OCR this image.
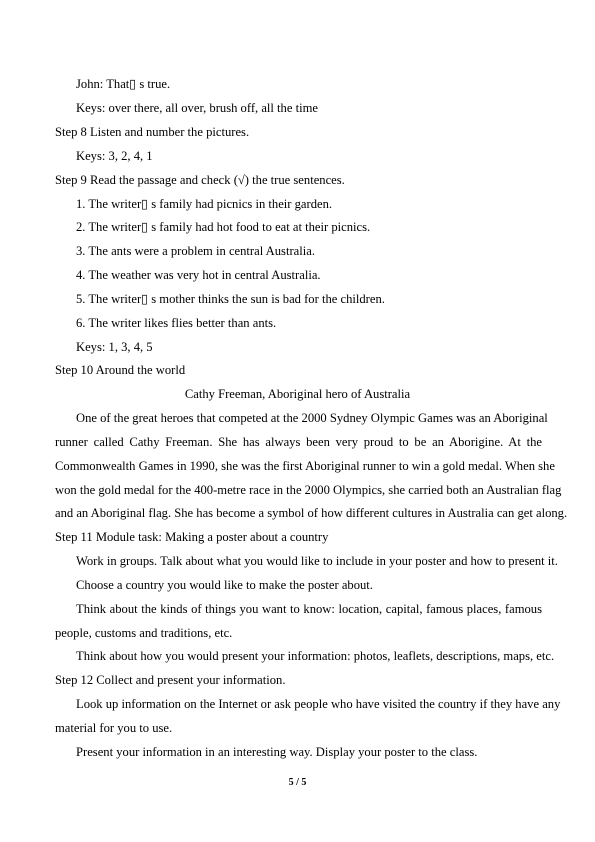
John: That▯ s true.
Keys: over there, all over, brush off, all the time
Step 8 Listen and number the pictures.
Keys: 3, 2, 4, 1
Step 9 Read the passage and check (√) the true sentences.
1. The writer▯ s family had picnics in their garden.
2. The writer▯ s family had hot food to eat at their picnics.
3. The ants were a problem in central Australia.
4. The weather was very hot in central Australia.
5. The writer▯ s mother thinks the sun is bad for the children.
6. The writer likes flies better than ants.
Keys: 1, 3, 4, 5
Step 10 Around the world
Cathy Freeman, Aboriginal hero of Australia
One of the great heroes that competed at the 2000 Sydney Olympic Games was an Aboriginal
runner called Cathy Freeman. She has always been very proud to be an Aborigine. At the
Commonwealth Games in 1990, she was the first Aboriginal runner to win a gold medal. When she
won the gold medal for the 400-metre race in the 2000 Olympics, she carried both an Australian flag
and an Aboriginal flag. She has become a symbol of how different cultures in Australia can get along.
Step 11 Module task: Making a poster about a country
Work in groups. Talk about what you would like to include in your poster and how to present it.
Choose a country you would like to make the poster about.
Think about the kinds of things you want to know: location, capital, famous places, famous
people, customs and traditions, etc.
Think about how you would present your information: photos, leaflets, descriptions, maps, etc.
Step 12 Collect and present your information.
Look up information on the Internet or ask people who have visited the country if they have any
material for you to use.
Present your information in an interesting way. Display your poster to the class.
5 / 5
